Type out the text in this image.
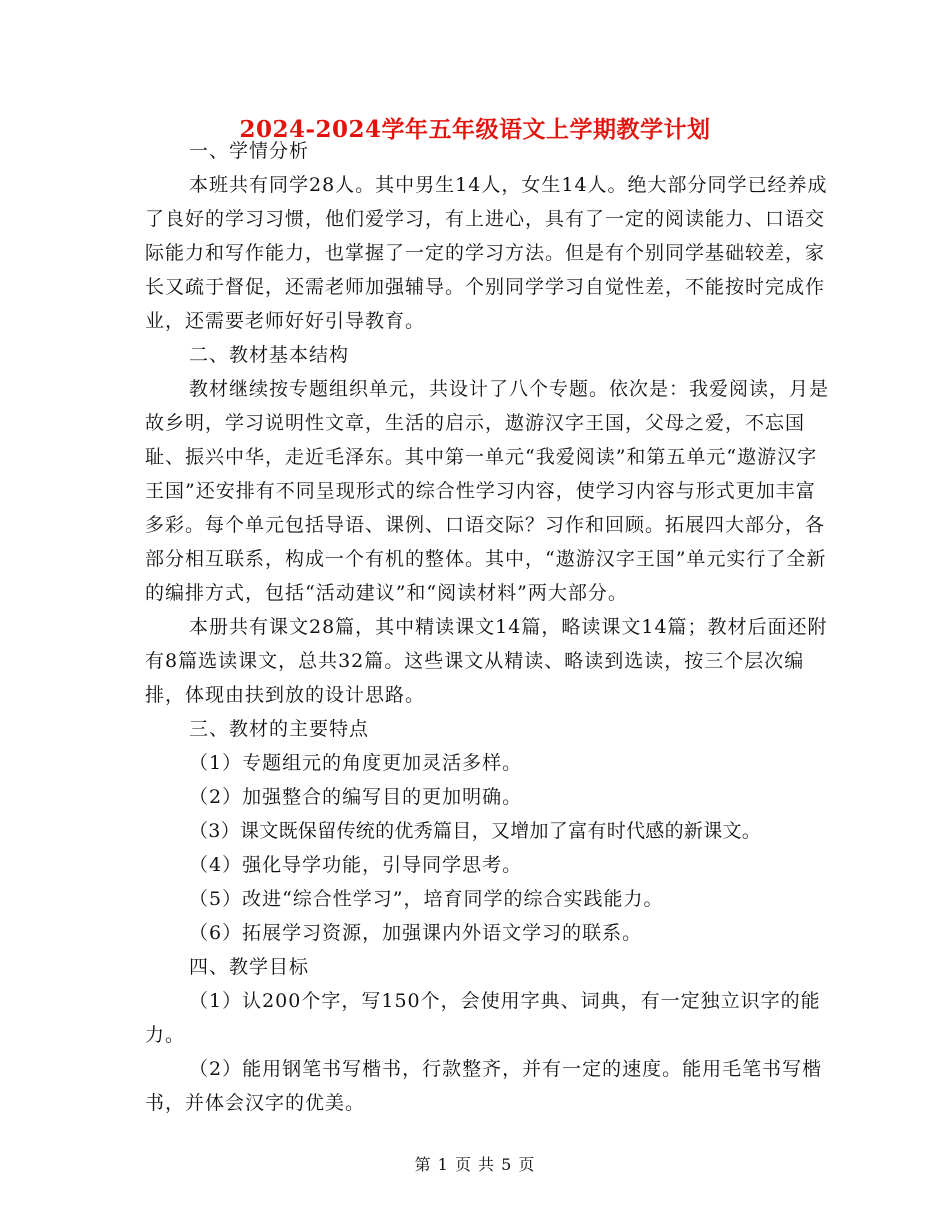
2024-2024学年五年级语文上学期教学计划

一、学情分析

本班共有同学28人。其中男生14人，女生14人。绝大部分同学已经养成了良好的学习习惯，他们爱学习，有上进心，具有了一定的阅读能力、口语交际能力和写作能力，也掌握了一定的学习方法。但是有个别同学基础较差，家长又疏于督促，还需老师加强辅导。个别同学学习自觉性差，不能按时完成作业，还需要老师好好引导教育。

二、教材基本结构

教材继续按专题组织单元，共设计了八个专题。依次是：我爱阅读，月是故乡明，学习说明性文章，生活的启示，遨游汉字王国，父母之爱，不忘国耻、振兴中华，走近毛泽东。其中第一单元“我爱阅读”和第五单元“遨游汉字王国”还安排有不同呈现形式的综合性学习内容，使学习内容与形式更加丰富多彩。每个单元包括导语、课例、口语交际？习作和回顾。拓展四大部分，各部分相互联系，构成一个有机的整体。其中，“遨游汉字王国”单元实行了全新的编排方式，包括“活动建议”和“阅读材料”两大部分。

本册共有课文28篇，其中精读课文14篇，略读课文14篇；教材后面还附有8篇选读课文，总共32篇。这些课文从精读、略读到选读，按三个层次编排，体现由扶到放的设计思路。

三、教材的主要特点

（1）专题组元的角度更加灵活多样。

（2）加强整合的编写目的更加明确。

（3）课文既保留传统的优秀篇目，又增加了富有时代感的新课文。

（4）强化导学功能，引导同学思考。

（5）改进“综合性学习”，培育同学的综合实践能力。

（6）拓展学习资源，加强课内外语文学习的联系。

四、教学目标

（1）认200个字，写150个，会使用字典、词典，有一定独立识字的能力。

（2）能用钢笔书写楷书，行款整齐，并有一定的速度。能用毛笔书写楷书，并体会汉字的优美。

第 1 页 共 5 页
